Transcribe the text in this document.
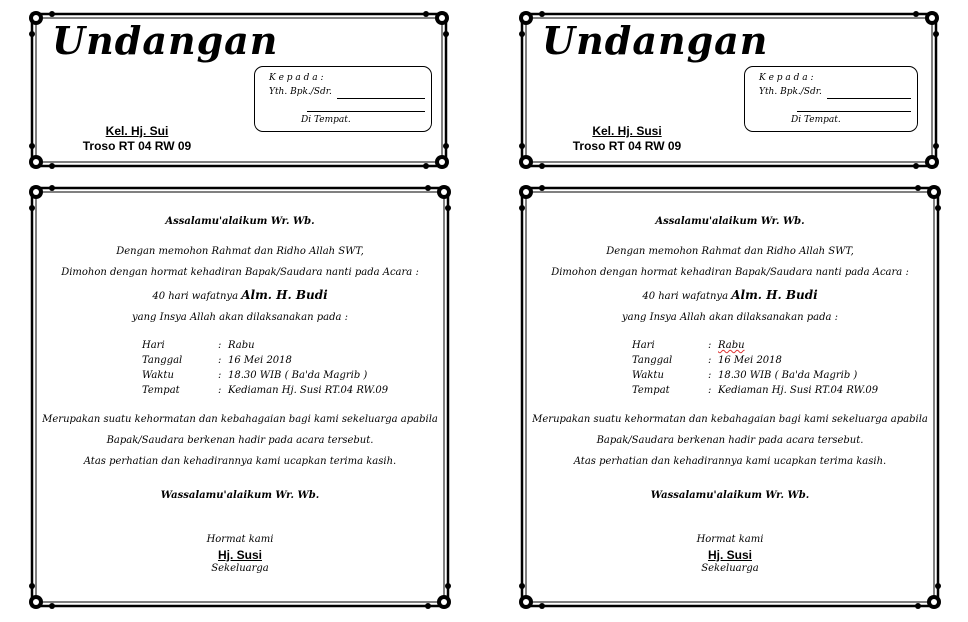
Undangan
Kel. Hj. Sui
Troso RT 04 RW 09
K e p a d a :
Yth. Bpk./Sdr.
Di Tempat.
Assalamu'alaikum Wr. Wb.
Dengan memohon Rahmat dan Ridho Allah SWT,
Dimohon dengan hormat kehadiran Bapak/Saudara nanti pada Acara :
40 hari wafatnya Alm. H. Budi
yang Insya Allah akan dilaksanakan pada :
Hari	: Rabu
Tanggal	: 16 Mei 2018
Waktu	: 18.30 WIB ( Ba'da Magrib )
Tempat	: Kediaman Hj. Susi RT.04 RW.09
Merupakan suatu kehormatan dan kebahagaian bagi kami sekeluarga apabila
Bapak/Saudara berkenan hadir pada acara tersebut.
Atas perhatian dan kehadirannya kami ucapkan terima kasih.
Wassalamu'alaikum Wr. Wb.
Hormat kami
Hj. Susi
Sekeluarga
Undangan
Kel. Hj. Susi
Troso RT 04 RW 09
K e p a d a :
Yth. Bpk./Sdr.
Di Tempat.
Assalamu'alaikum Wr. Wb.
Dengan memohon Rahmat dan Ridho Allah SWT,
Dimohon dengan hormat kehadiran Bapak/Saudara nanti pada Acara :
40 hari wafatnya Alm. H. Budi
yang Insya Allah akan dilaksanakan pada :
Hari	: Rabu
Tanggal	: 16 Mei 2018
Waktu	: 18.30 WIB ( Ba'da Magrib )
Tempat	: Kediaman Hj. Susi RT.04 RW.09
Merupakan suatu kehormatan dan kebahagaian bagi kami sekeluarga apabila
Bapak/Saudara berkenan hadir pada acara tersebut.
Atas perhatian dan kehadirannya kami ucapkan terima kasih.
Wassalamu'alaikum Wr. Wb.
Hormat kami
Hj. Susi
Sekeluarga
